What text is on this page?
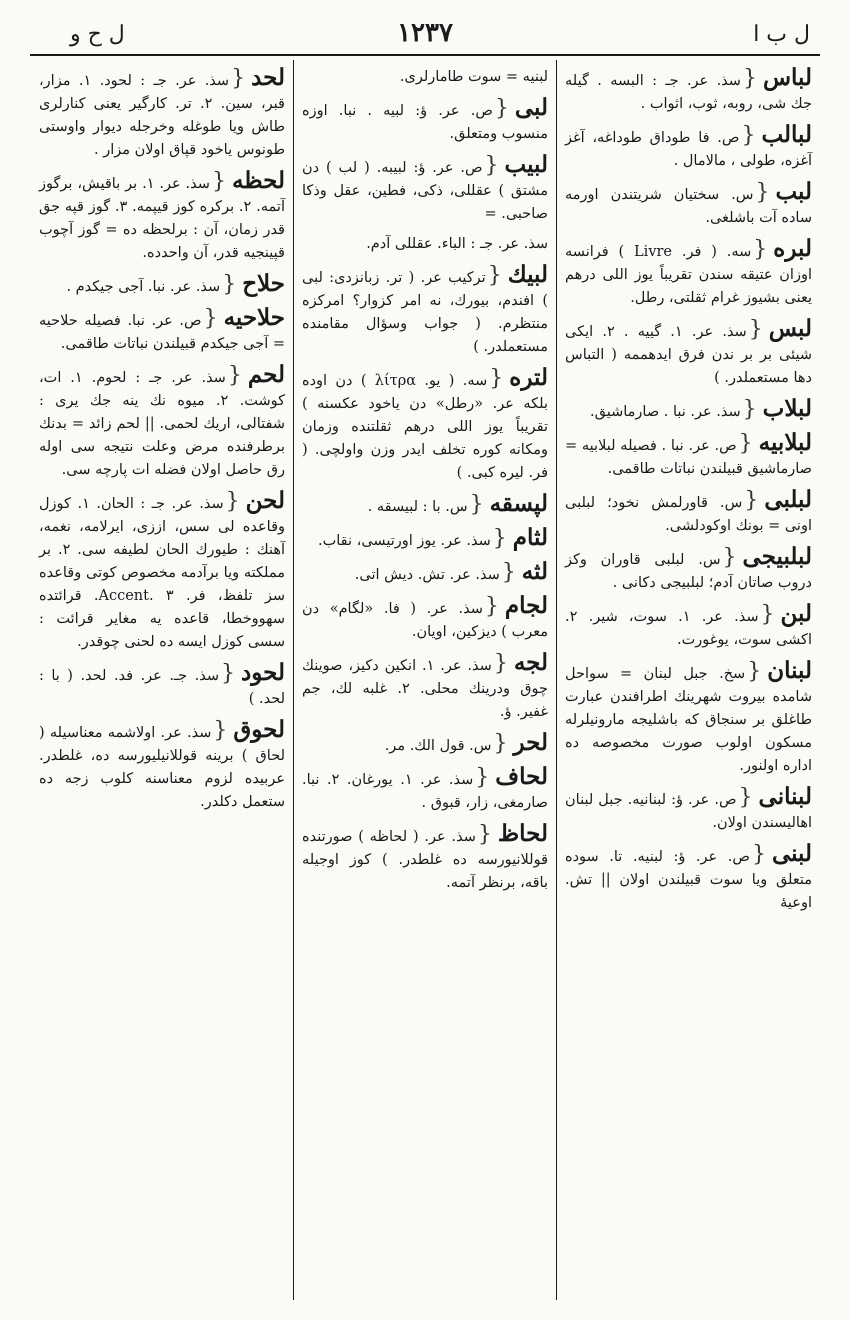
ل ب ا
۱۲۳۷
ل ح و

لباس{سذ. عر. جـ : البسه . گیله جك شی، روبه، ثوب، اثواب .

لبالب{ص. فا طوداق طوداغه، آغز آغزه، طولی ، مالامال .

لبب{س. سختیان شریتندن اورمه ساده آت باشلغی.

لبره{سه. ( فر. Livre ) فرانسه اوزان عتیقه سندن تقریباً یوز اللی درهم یعنی بشیوز غرام ثقلتی، رطل.

لبس{سذ. عر. ۱. گییه . ۲. ایکی شیئی بر بر ندن فرق ایدهممه ( التباس دها مستعملدر. )

لبلاب{سذ. عر. نبا . صارماشیق.

لبلابیه{ص. عر. نبا . فصیله لبلابیه = صارماشیق قبیلندن نباتات طاقمی.

لبلبی{س. قاورلمش نخود؛ لبلبی اونی = بونك اوکودلشی.

لبلبیجی{س. لبلبی قاوران وکز دروب صاتان آدم؛ لبلبیجی دکانی .

لبن{سذ. عر. ۱. سوت، شیر. ۲. اکشی سوت، یوغورت.

لبنان{سخ. جبل لبنان = سواحل شامده بیروت شهرینك اطرافندن عبارت طاغلق بر سنجاق که باشلیجه مارونیلرله مسکون اولوب صورت مخصوصه ده اداره اولنور.

لبنانی{ص. عر. ؤ: لبنانیه. جبل لبنان اهالیسندن اولان.

لبنی{ص. عر. ؤ: لبنیه. تا. سوده متعلق ویا سوت قبیلندن اولان || تش. اوعیهٔ

لبنیه = سوت طامارلری.

لبی{ص. عر. ؤ: لبیه . نبا. اوزه منسوب ومتعلق.

لبیب{ص. عر. ؤ: لبیبه. ( لب ) دن مشتق ) عقللی، ذکی، فطین، عقل وذکا صاحبی. =

سذ. عر. جـ : الباء. عقللی آدم.

لبیك{ترکیب عر. ( تر. زبانزدی: لبی ) افندم، بیورك، نه امر کزوار؟ امرکزه منتظرم. ( جواب وسؤال مقامنده مستعملدر. )

لتره{سه. ( یو. λίτρα ) دن اوده بلکه عر. «رطل» دن یاخود عکسنه ) تقریباً یوز اللی درهم ثقلتنده وزمان ومکانه کوره تخلف ایدر وزن واولچی. ( فر. لیره کبی. )

لپسقه{س. با : لبیسقه .

لثام{سذ. عر. یوز اورتیسی، نقاب.

لثه{سذ. عر. تش. دیش اتی.

لجام{سذ. عر. ( فا. «لگام» دن معرب ) دیزکین، اویان.

لجه{سذ. عر. ۱. انکین دکیز، صوینك چوق ودرینك محلی. ۲. غلبه لك، جم غفیر. ؤ.

لحر{س. قول الك. مر.

لحاف{سذ. عر. ۱. یورغان. ۲. نبا. صارمغی، زار، قبوق .

لحاظ{سذ. عر. ( لحاظه ) صورتنده قوللانیورسه ده غلطدر. ) کوز اوجیله باقه، برنظر آتمه.

لحد{سذ. عر. جـ : لحود. ۱. مزار، قبر، سین. ۲. تر. کارگیر یعنی کنارلری طاش ویا طوغله وخرجله دیوار واوستی طونوس یاخود قپاق اولان مزار .

لحظه{سذ. عر. ۱. بر باقیش، برگوز آتمه. ۲. برکره کوز قیپمه. ۳. گوز قپه جق قدر زمان، آن : برلحظه ده = گوز آچوب قپینجیه قدر، آن واحدده.

حلاح{سذ. عر. نبا. آجی جیکدم .

حلاحیه{ص. عر. نبا. فصیله حلاحیه = آجی جیکدم قبیلندن نباتات طاقمی.

لحم{سذ. عر. جـ : لحوم. ۱. ات، کوشت. ۲. میوه نك ینه جك یری : شفتالی، اریك لحمی. || لحم زائد = بدنك برطرفنده مرض وعلت نتیجه سی اوله رق حاصل اولان فضله ات پارچه سی.

لحن{سذ. عر. جـ : الحان. ۱. کوزل وقاعده لی سس، اززی، ایرلامه، نغمه، آهنك : طیورك الحان لطیفه سی. ۲. بر مملکته ویا برآدمه مخصوص کوتی وقاعده سز تلفظ، فر. Accent. ۳. قرائتده سهووخطا، قاعده یه مغایر قرائت : سسی کوزل ایسه ده لحنی چوقدر.

لحود{سذ. جـ. عر. فد. لحد. ( با : لحد. )

لحوق{سذ. عر. اولاشمه معناسیله ( لحاق ) برینه قوللانیلیورسه ده، غلطدر. عربیده لزوم معناسنه کلوب زجه ده ستعمل دکلدر.
